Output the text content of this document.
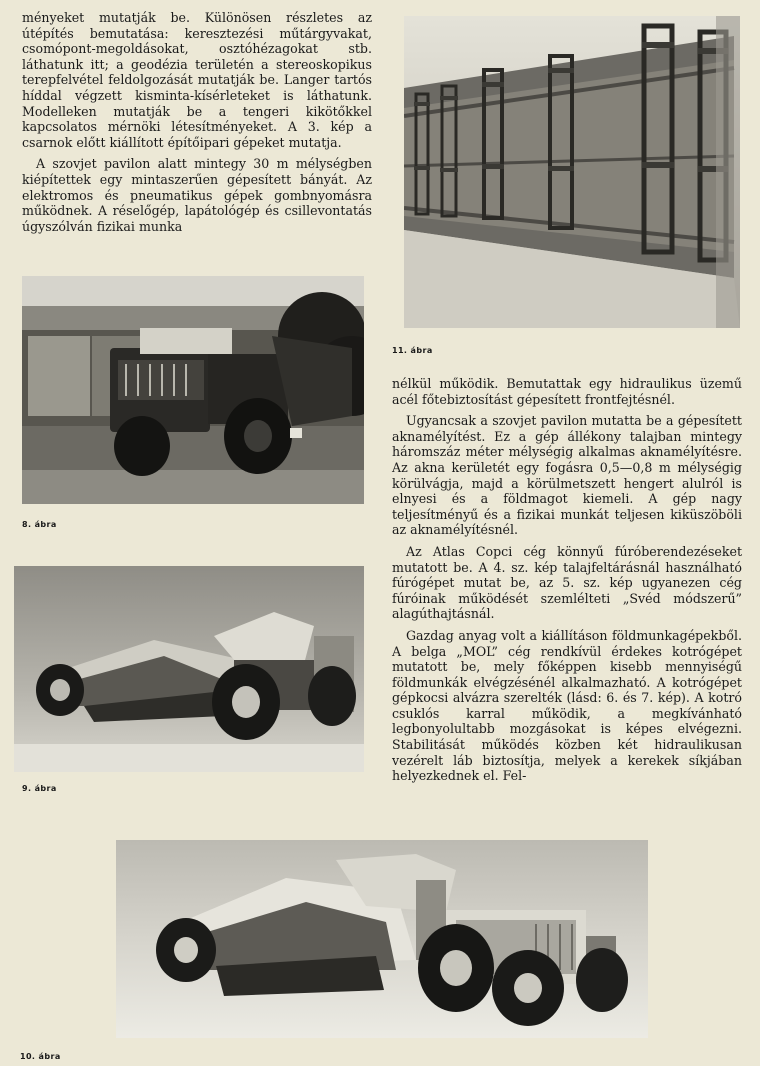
ményeket mutatják be. Különösen részletes az útépítés bemutatása: keresztezési műtárgyvakat, csomópont-megoldásokat, osztóhézagokat stb. láthatunk itt; a geodézia területén a stereoskopikus terepfelvétel feldolgozását mutatják be. Langer tartós híddal végzett kisminta-kísérleteket is láthatunk. Modelleken mutatják be a tengeri kikötőkkel kapcsolatos mérnöki létesítményeket. A 3. kép a csarnok előtt kiállított építőipari gépeket mutatja.

A szovjet pavilon alatt mintegy 30 m mélységben kiépítettek egy mintaszerűen gépesített bányát. Az elektromos és pneumatikus gépek gombnyomásra működnek. A réselőgép, lapátológép és csillevontatás úgyszólván fizikai munka

11. ábra
8. ábra
9. ábra

nélkül működik. Bemutattak egy hidraulikus üzemű acél főtebiztosítást gépesített frontfejtésnél.

Ugyancsak a szovjet pavilon mutatta be a gépesített aknamélyítést. Ez a gép állékony talajban mintegy háromszáz méter mélységig alkalmas aknamélyítésre. Az akna kerületét egy fogásra 0,5—0,8 m mélységig körülvágja, majd a körülmetszett hengert alulról is elnyesi és a földmagot kiemeli. A gép nagy teljesítményű és a fizikai munkát teljesen kiküszöböli az aknamélyítésnél.

Az Atlas Copci cég könnyű fúróberendezéseket mutatott be. A 4. sz. kép talajfeltárásnál használható fúrógépet mutat be, az 5. sz. kép ugyanezen cég fúróinak működését szemlélteti „Svéd módszerű” alagúthajtásnál.

Gazdag anyag volt a kiállításon földmunkagépekből. A belga „MOL” cég rendkívül érdekes kotrógépet mutatott be, mely főképpen kisebb mennyiségű földmunkák elvégzésénél alkalmazható. A kotrógépet gépkocsi alvázra szerelték (lásd: 6. és 7. kép). A kotró csuklós karral működik, a megkívánható legbonyolultabb mozgásokat is képes elvégezni. Stabilitását működés közben két hidraulikusan vezérelt láb biztosítja, melyek a kerekek síkjában helyezkednek el. Fel-

10. ábra
